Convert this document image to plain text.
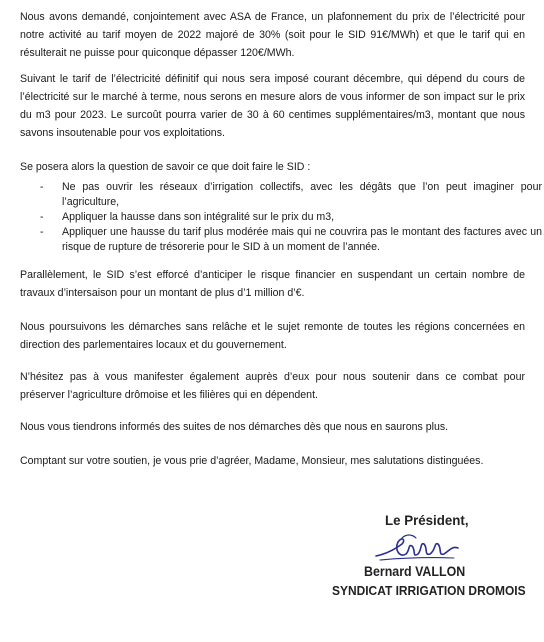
Nous avons demandé, conjointement avec ASA de France, un plafonnement du prix de l’électricité pour notre activité au tarif moyen de 2022 majoré de 30% (soit pour le SID 91€/MWh) et que le tarif qui en résulterait ne puisse pour quiconque dépasser 120€/MWh.

Suivant le tarif de l’électricité définitif qui nous sera imposé courant décembre, qui dépend du cours de l’électricité sur le marché à terme, nous serons en mesure alors de vous informer de son impact sur le prix du m3 pour 2023. Le surcoût pourra varier de 30 à 60 centimes supplémentaires/m3, montant que nous savons insoutenable pour vos exploitations.

Se posera alors la question de savoir ce que doit faire le SID :

- Ne pas ouvrir les réseaux d’irrigation collectifs, avec les dégâts que l’on peut imaginer pour l’agriculture,
- Appliquer la hausse dans son intégralité sur le prix du m3,
- Appliquer une hausse du tarif plus modérée mais qui ne couvrira pas le montant des factures avec un risque de rupture de trésorerie pour le SID à un moment de l’année.

Parallèlement, le SID s’est efforcé d’anticiper le risque financier en suspendant un certain nombre de travaux d’intersaison pour un montant de plus d’1 million d’€.

Nous poursuivons les démarches sans relâche et le sujet remonte de toutes les régions concernées en direction des parlementaires locaux et du gouvernement.

N’hésitez pas à vous manifester également auprès d’eux pour nous soutenir dans ce combat pour préserver l’agriculture drômoise et les filières qui en dépendent.

Nous vous tiendrons informés des suites de nos démarches dès que nous en saurons plus.

Comptant sur votre soutien, je vous prie d’agréer, Madame, Monsieur, mes salutations distinguées.

Le Président,
Bernard VALLON
SYNDICAT IRRIGATION DROMOIS
